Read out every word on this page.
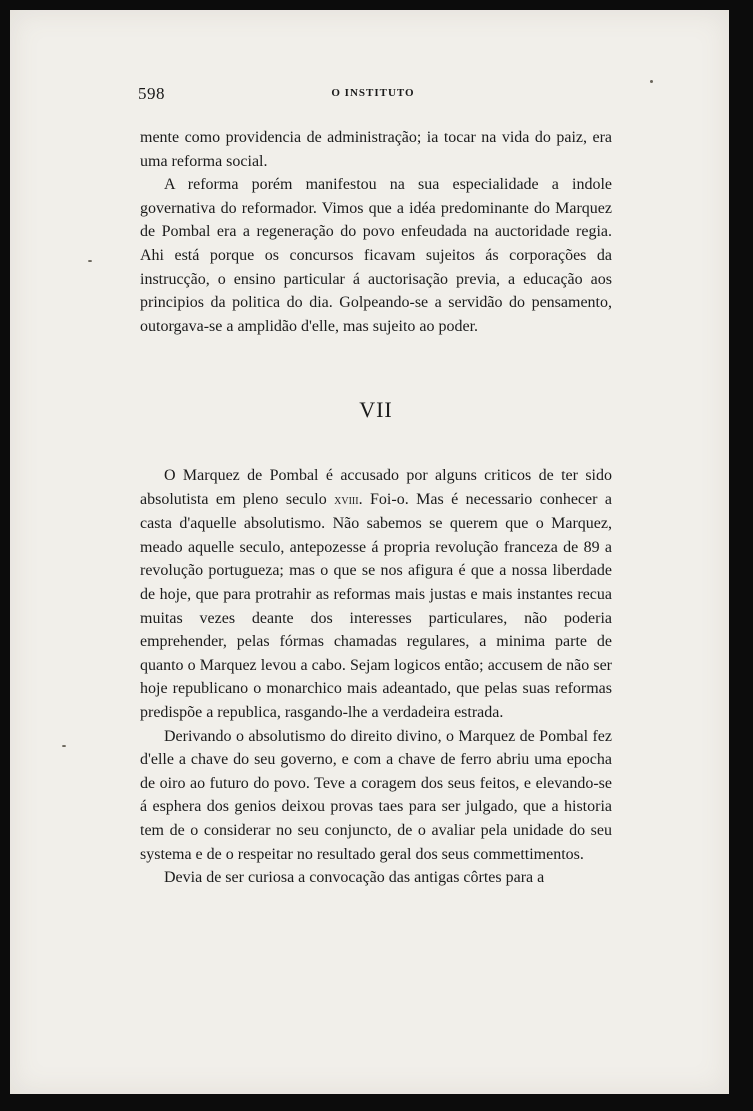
598	O INSTITUTO

mente como providencia de administração; ia tocar na vida do paiz, era uma reforma social.

A reforma porém manifestou na sua especialidade a indole governativa do reformador. Vimos que a idéa predominante do Marquez de Pombal era a regeneração do povo enfeudada na auctoridade regia. Ahi está porque os concursos ficavam sujeitos ás corporações da instrucção, o ensino particular á auctorisação previa, a educação aos principios da politica do dia. Golpeando-se a servidão do pensamento, outorgava-se a amplidão d'elle, mas sujeito ao poder.

VII

O Marquez de Pombal é accusado por alguns criticos de ter sido absolutista em pleno seculo xviii. Foi-o. Mas é necessario conhecer a casta d'aquelle absolutismo. Não sabemos se querem que o Marquez, meado aquelle seculo, antepozesse á propria revolução franceza de 89 a revolução portugueza; mas o que se nos afigura é que a nossa liberdade de hoje, que para protrahir as reformas mais justas e mais instantes recua muitas vezes deante dos interesses particulares, não poderia emprehender, pelas fórmas chamadas regulares, a minima parte de quanto o Marquez levou a cabo. Sejam logicos então; accusem de não ser hoje republicano o monarchico mais adeantado, que pelas suas reformas predispõe a republica, rasgando-lhe a verdadeira estrada.

Derivando o absolutismo do direito divino, o Marquez de Pombal fez d'elle a chave do seu governo, e com a chave de ferro abriu uma epocha de oiro ao futuro do povo. Teve a coragem dos seus feitos, e elevando-se á esphera dos genios deixou provas taes para ser julgado, que a historia tem de o considerar no seu conjuncto, de o avaliar pela unidade do seu systema e de o respeitar no resultado geral dos seus commettimentos.

Devia de ser curiosa a convocação das antigas côrtes para a
